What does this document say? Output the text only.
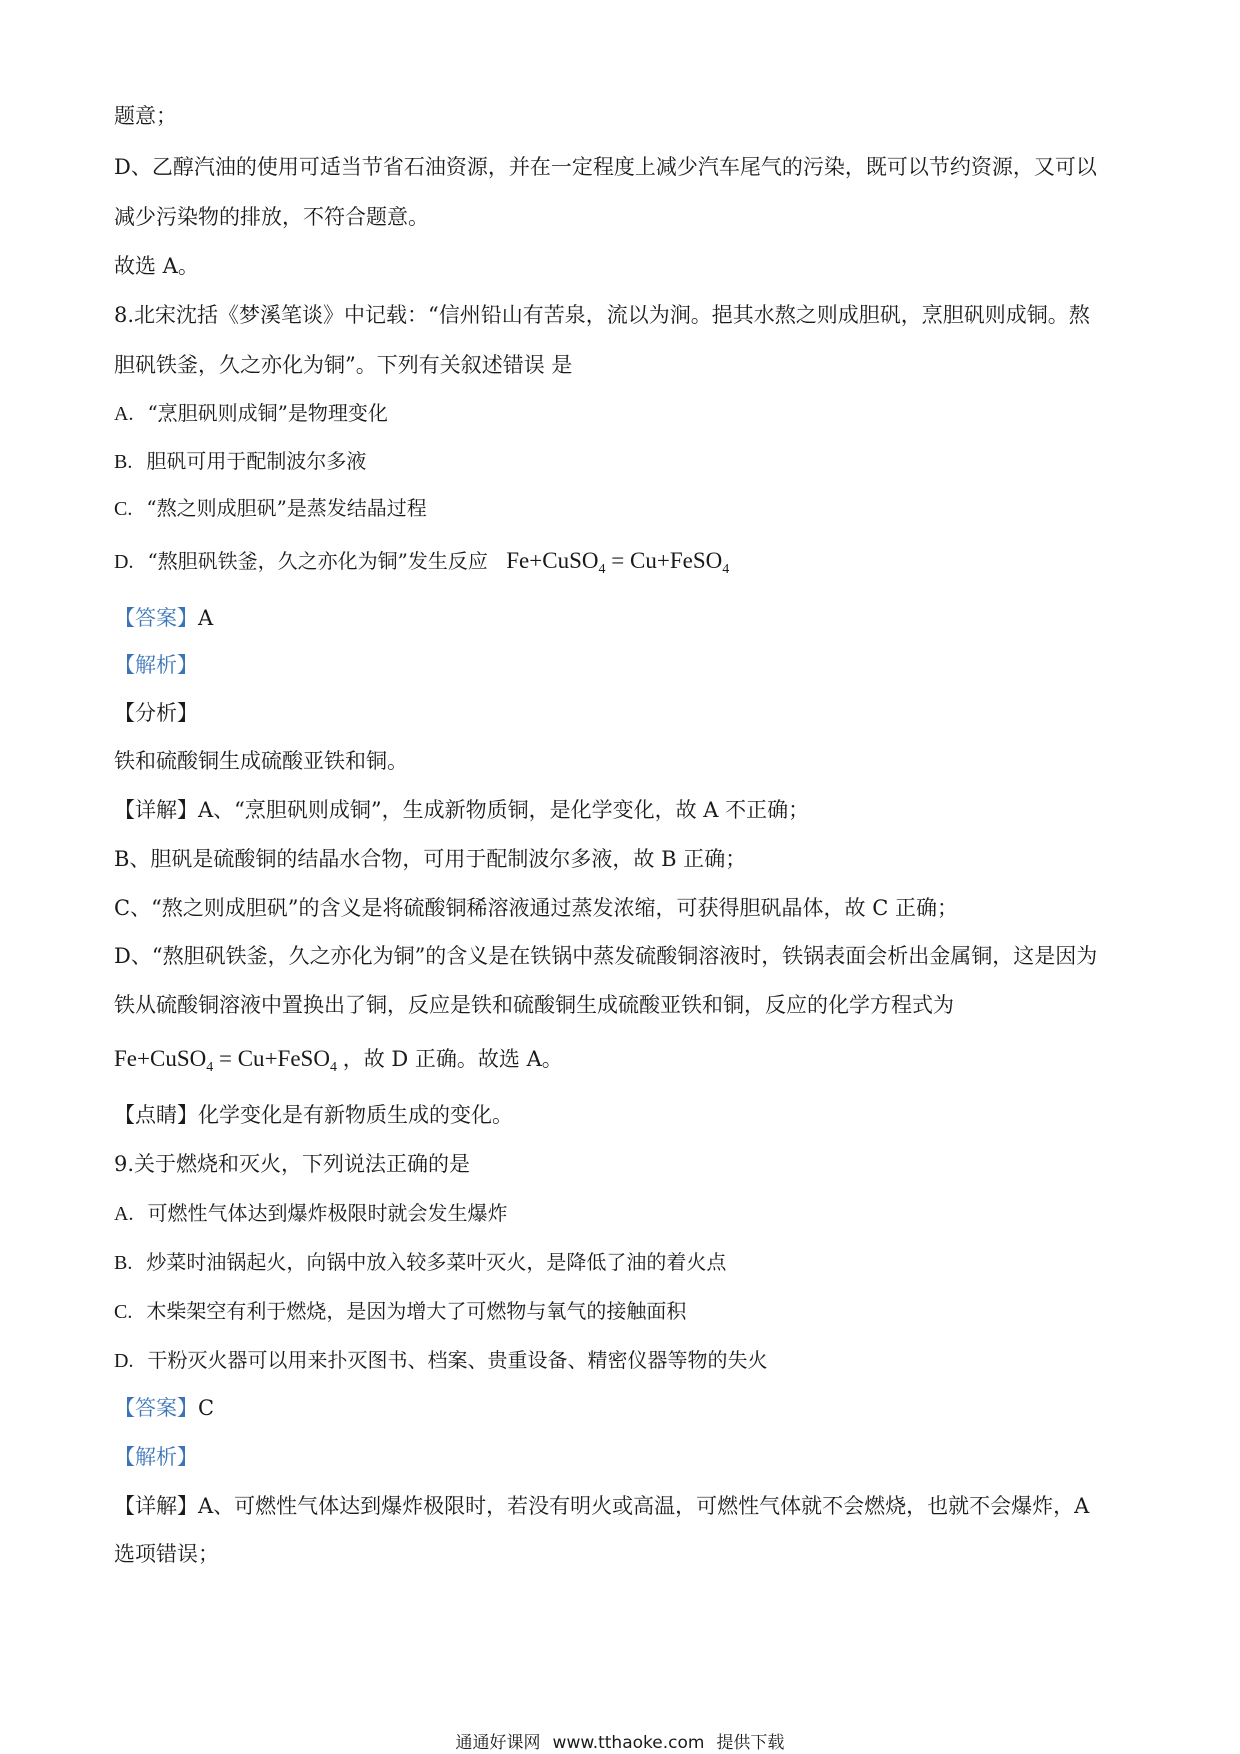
题意；
D、乙醇汽油的使用可适当节省石油资源，并在一定程度上减少汽车尾气的污染，既可以节约资源，又可以
减少污染物的排放，不符合题意。
故选 A。
8.北宋沈括《梦溪笔谈》中记载：“信州铅山有苦泉，流以为涧。挹其水熬之则成胆矾，烹胆矾则成铜。熬
胆矾铁釜，久之亦化为铜”。下列有关叙述错误 是
A. “烹胆矾则成铜”是物理变化
B. 胆矾可用于配制波尔多液
C. “熬之则成胆矾”是蒸发结晶过程
D. “熬胆矾铁釜，久之亦化为铜”发生反应 Fe+CuSO$_4$ = Cu+FeSO$_4$
【答案】A
【解析】
【分析】
铁和硫酸铜生成硫酸亚铁和铜。
【详解】A、“烹胆矾则成铜”，生成新物质铜，是化学变化，故 A 不正确；
B、胆矾是硫酸铜的结晶水合物，可用于配制波尔多液，故 B 正确；
C、“熬之则成胆矾”的含义是将硫酸铜稀溶液通过蒸发浓缩，可获得胆矾晶体，故 C 正确；
D、“熬胆矾铁釜，久之亦化为铜”的含义是在铁锅中蒸发硫酸铜溶液时，铁锅表面会析出金属铜，这是因为
铁从硫酸铜溶液中置换出了铜，反应是铁和硫酸铜生成硫酸亚铁和铜，反应的化学方程式为
Fe+CuSO$_4$ = Cu+FeSO$_4$ ，故 D 正确。故选 A。
【点睛】化学变化是有新物质生成的变化。
9.关于燃烧和灭火，下列说法正确的是
A. 可燃性气体达到爆炸极限时就会发生爆炸
B. 炒菜时油锅起火，向锅中放入较多菜叶灭火，是降低了油的着火点
C. 木柴架空有利于燃烧，是因为增大了可燃物与氧气的接触面积
D. 干粉灭火器可以用来扑灭图书、档案、贵重设备、精密仪器等物的失火
【答案】C
【解析】
【详解】A、可燃性气体达到爆炸极限时，若没有明火或高温，可燃性气体就不会燃烧，也就不会爆炸，A
选项错误；
通通好课网 www.tthaoke.com 提供下载
